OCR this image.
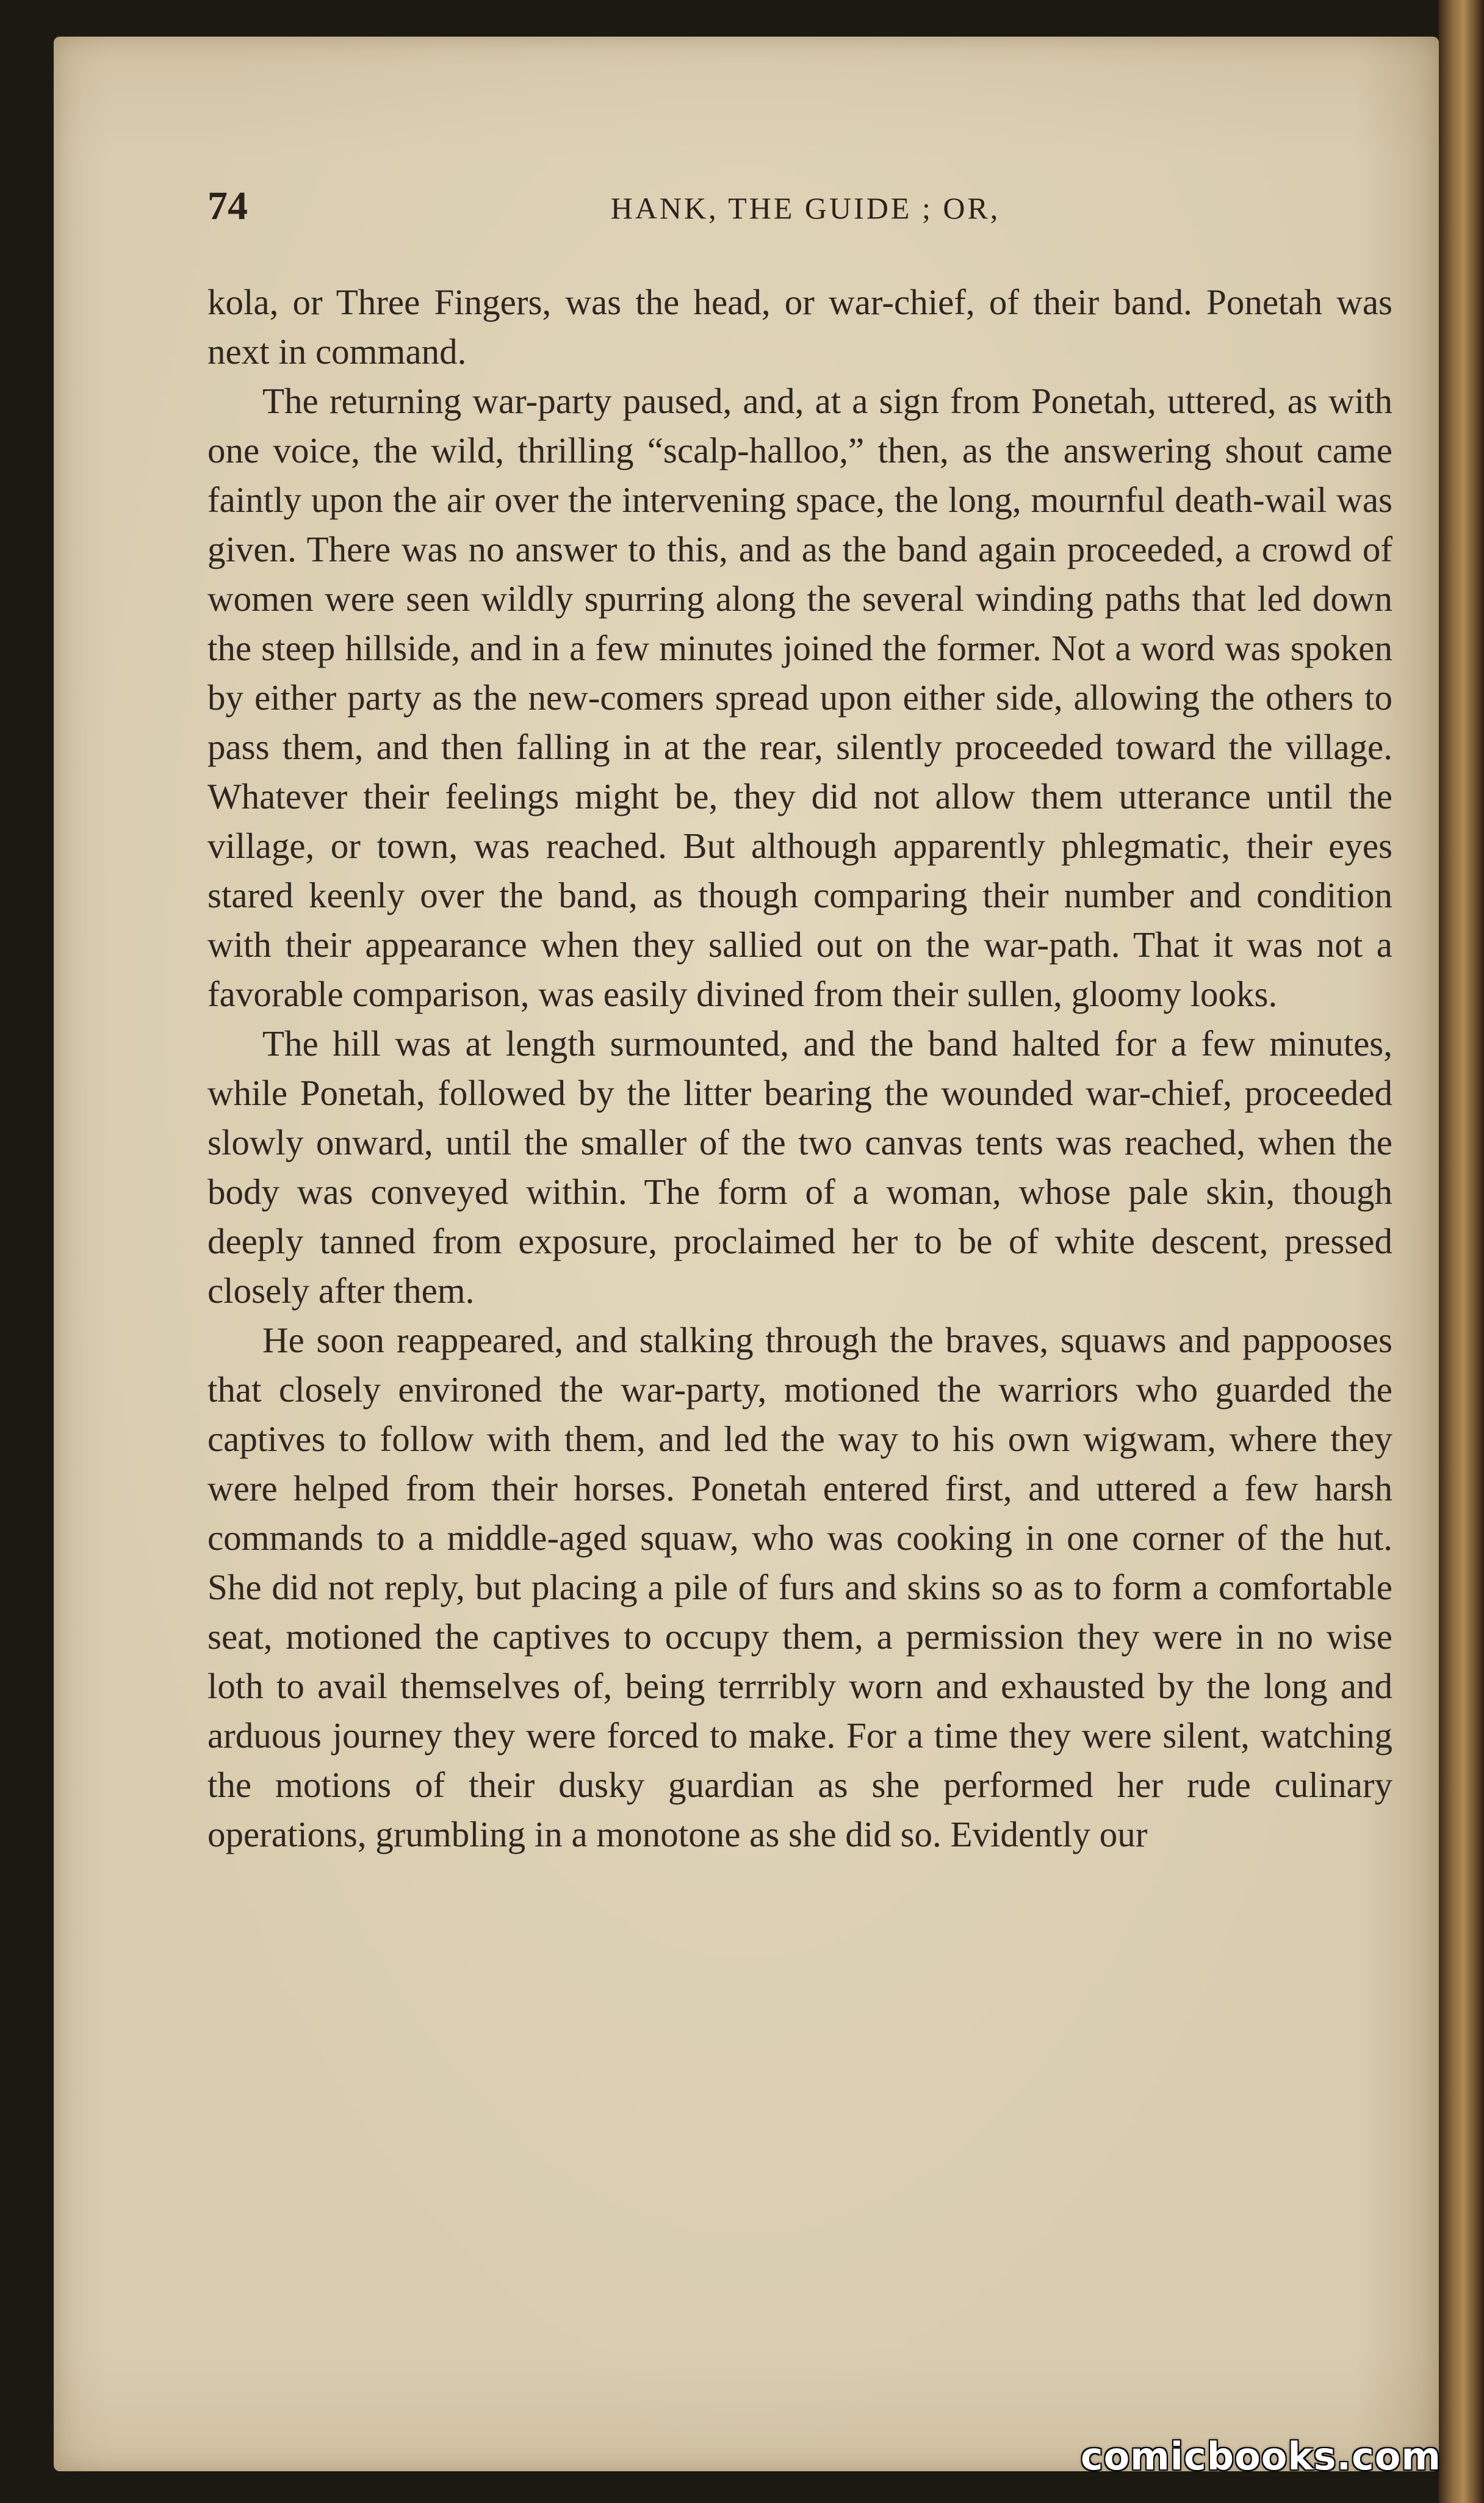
74	HANK, THE GUIDE ; OR,

kola, or Three Fingers, was the head, or war-chief, of their band. Ponetah was next in command.

The returning war-party paused, and, at a sign from Ponetah, uttered, as with one voice, the wild, thrilling “scalp-halloo,” then, as the answering shout came faintly upon the air over the intervening space, the long, mournful death-wail was given. There was no answer to this, and as the band again proceeded, a crowd of women were seen wildly spurring along the several winding paths that led down the steep hillside, and in a few minutes joined the former. Not a word was spoken by either party as the new-comers spread upon either side, allowing the others to pass them, and then falling in at the rear, silently proceeded toward the village. Whatever their feelings might be, they did not allow them utterance until the village, or town, was reached. But although apparently phlegmatic, their eyes stared keenly over the band, as though comparing their number and condition with their appearance when they sallied out on the war-path. That it was not a favorable comparison, was easily divined from their sullen, gloomy looks.

The hill was at length surmounted, and the band halted for a few minutes, while Ponetah, followed by the litter bearing the wounded war-chief, proceeded slowly onward, until the smaller of the two canvas tents was reached, when the body was conveyed within. The form of a woman, whose pale skin, though deeply tanned from exposure, proclaimed her to be of white descent, pressed closely after them.

He soon reappeared, and stalking through the braves, squaws and pappooses that closely environed the war-party, motioned the warriors who guarded the captives to follow with them, and led the way to his own wigwam, where they were helped from their horses. Ponetah entered first, and uttered a few harsh commands to a middle-aged squaw, who was cooking in one corner of the hut. She did not reply, but placing a pile of furs and skins so as to form a comfortable seat, motioned the captives to occupy them, a permission they were in no wise loth to avail themselves of, being terrribly worn and exhausted by the long and arduous journey they were forced to make. For a time they were silent, watching the motions of their dusky guardian as she performed her rude culinary operations, grumbling in a monotone as she did so. Evidently our

comicbooks.com
